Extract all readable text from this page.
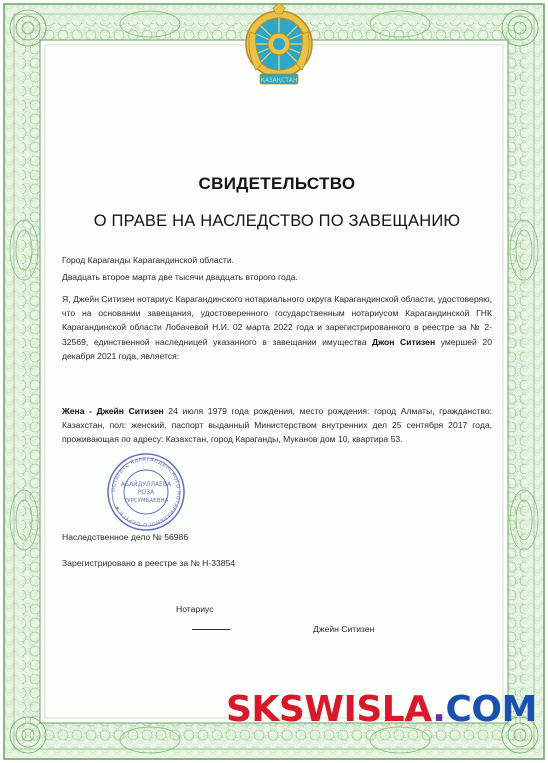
ҚАЗАҚСТАН
СВИДЕТЕЛЬСТВО
О ПРАВЕ НА НАСЛЕДСТВО ПО ЗАВЕЩАНИЮ
Город Караганды Карагандинской области.
Двадцать второе марта две тысячи двадцать второго года.
Я, Джейн Ситизен нотариус Карагандинского нотариального округа Карагандинской области, удостоверяю, что на основании завещания, удостоверенного государственным нотариусом Карагандинской ГНК Карагандинской области Лобачевой Н.И. 02 марта 2022 года и зарегистрированного в реестре за № 2-32569, единственной наследницей указанного в завещании имущества Джон Ситизен умершей 20 декабря 2021 года, является:
Жена - Джейн Ситизен 24 июля 1979 года рождения, место рождения: город Алматы, гражданство: Казахстан, пол: женский, паспорт выданный Министерством внутренних дел 25 сентября 2017 года, проживающая по адресу: Казахстан, город Караганды, Муканов дом 10, квартира 53.
Наследственное дело № 56986
Зарегистрировано в реестре за № Н-33854
НОТАРИУС КАРАГАНДИНСКОГО НОТАРИАЛЬНОГО ОКРУГА ★
АБАЙДУЛЛАЕВА
РОЗА
ТУРСУМБАЕВНА
Нотариус
Джейн Ситизен
SKSWISLA.COM
